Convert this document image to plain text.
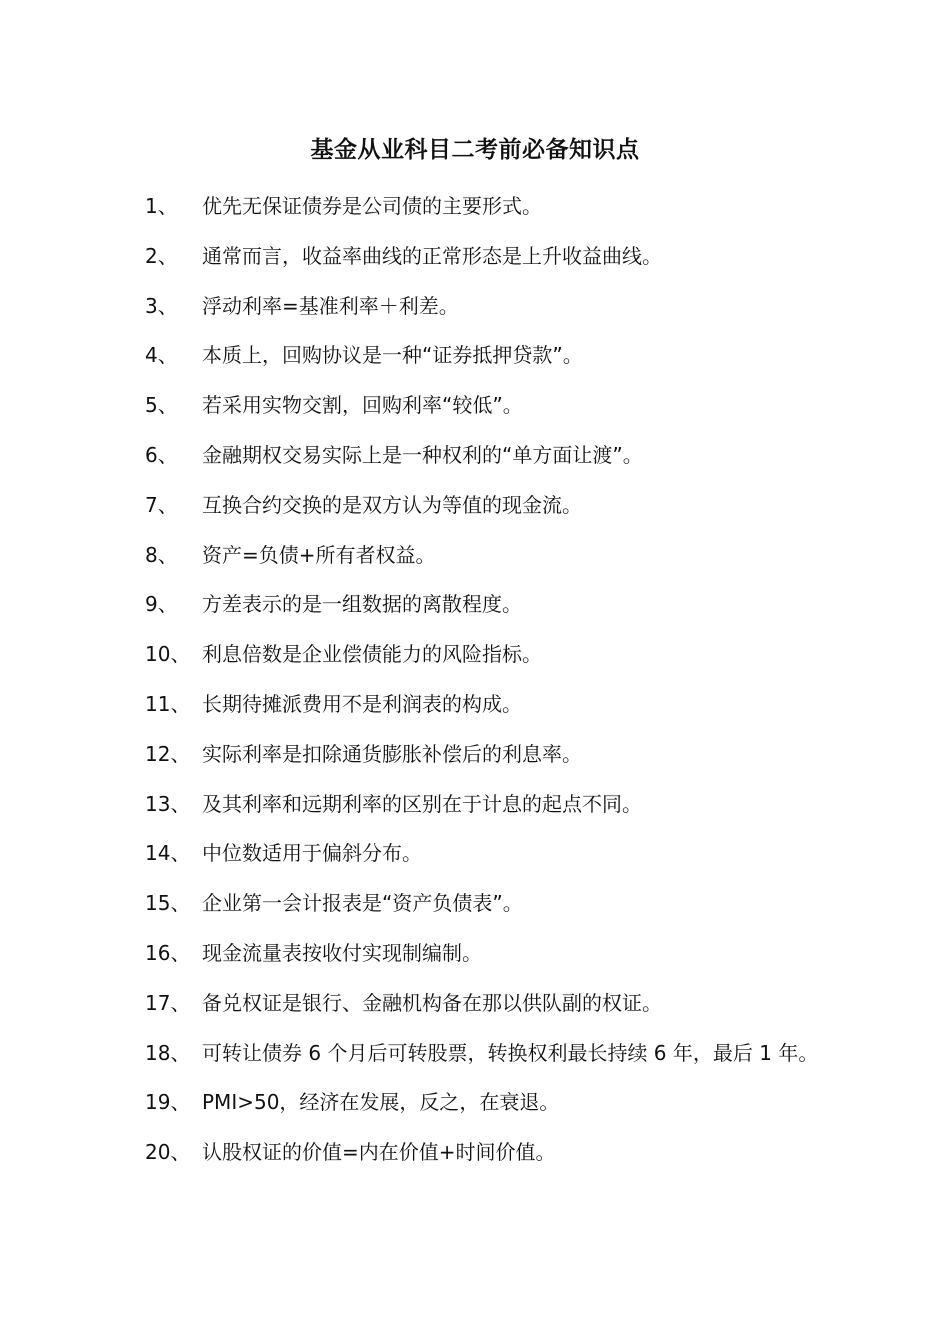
基金从业科目二考前必备知识点
1、	优先无保证债券是公司债的主要形式。
2、	通常而言，收益率曲线的正常形态是上升收益曲线。
3、	浮动利率=基准利率＋利差。
4、	本质上，回购协议是一种“证券抵押贷款”。
5、	若采用实物交割，回购利率“较低”。
6、	金融期权交易实际上是一种权利的“单方面让渡”。
7、	互换合约交换的是双方认为等值的现金流。
8、	资产=负债+所有者权益。
9、	方差表示的是一组数据的离散程度。
10、 利息倍数是企业偿债能力的风险指标。
11、 长期待摊派费用不是利润表的构成。
12、 实际利率是扣除通货膨胀补偿后的利息率。
13、 及其利率和远期利率的区别在于计息的起点不同。
14、 中位数适用于偏斜分布。
15、 企业第一会计报表是“资产负债表”。
16、 现金流量表按收付实现制编制。
17、 备兑权证是银行、金融机构备在那以供队副的权证。
18、 可转让债券 6 个月后可转股票，转换权利最长持续 6 年，最后 1 年。
19、 PMI>50，经济在发展，反之，在衰退。
20、 认股权证的价值=内在价值+时间价值。
